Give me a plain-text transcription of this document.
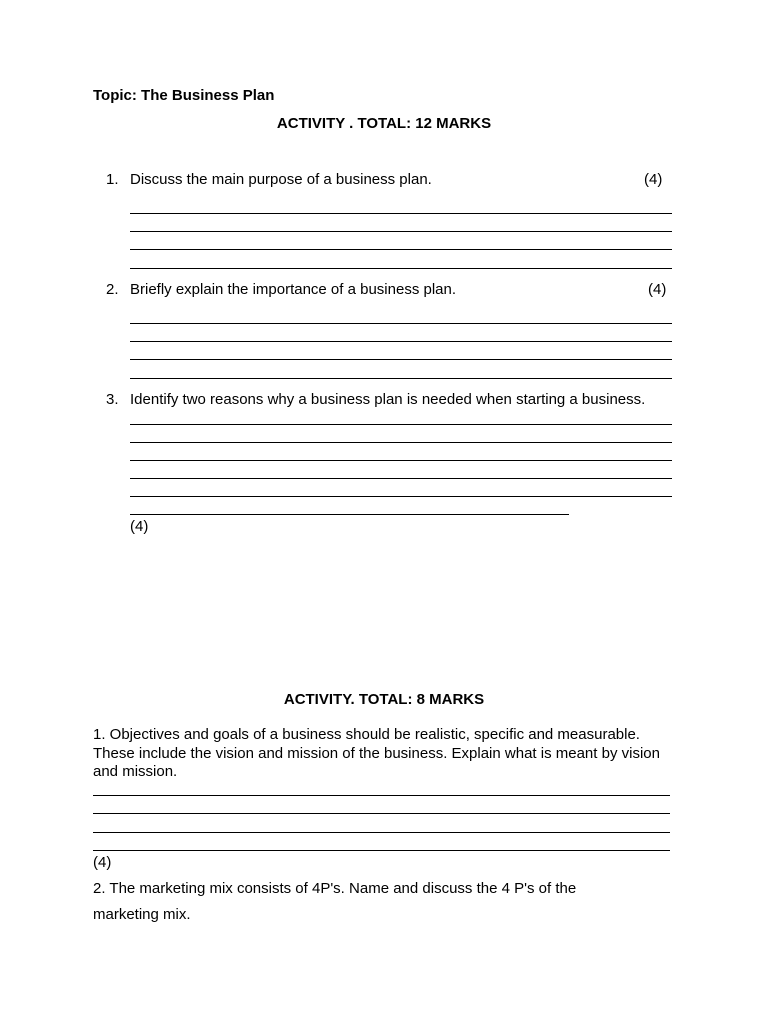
Topic: The Business Plan
ACTIVITY . TOTAL: 12 MARKS
1. Discuss the main purpose of a business plan.	(4)
2. Briefly explain the importance of a business plan.	(4)
3. Identify two reasons why a business plan is needed when starting a business.
(4)
ACTIVITY. TOTAL: 8 MARKS

1. Objectives and goals of a business should be realistic, specific and measurable. These include the vision and mission of the business. Explain what is meant by vision and mission.

(4)
2. The marketing mix consists of 4P's. Name and discuss the 4 P's of the
marketing mix.
